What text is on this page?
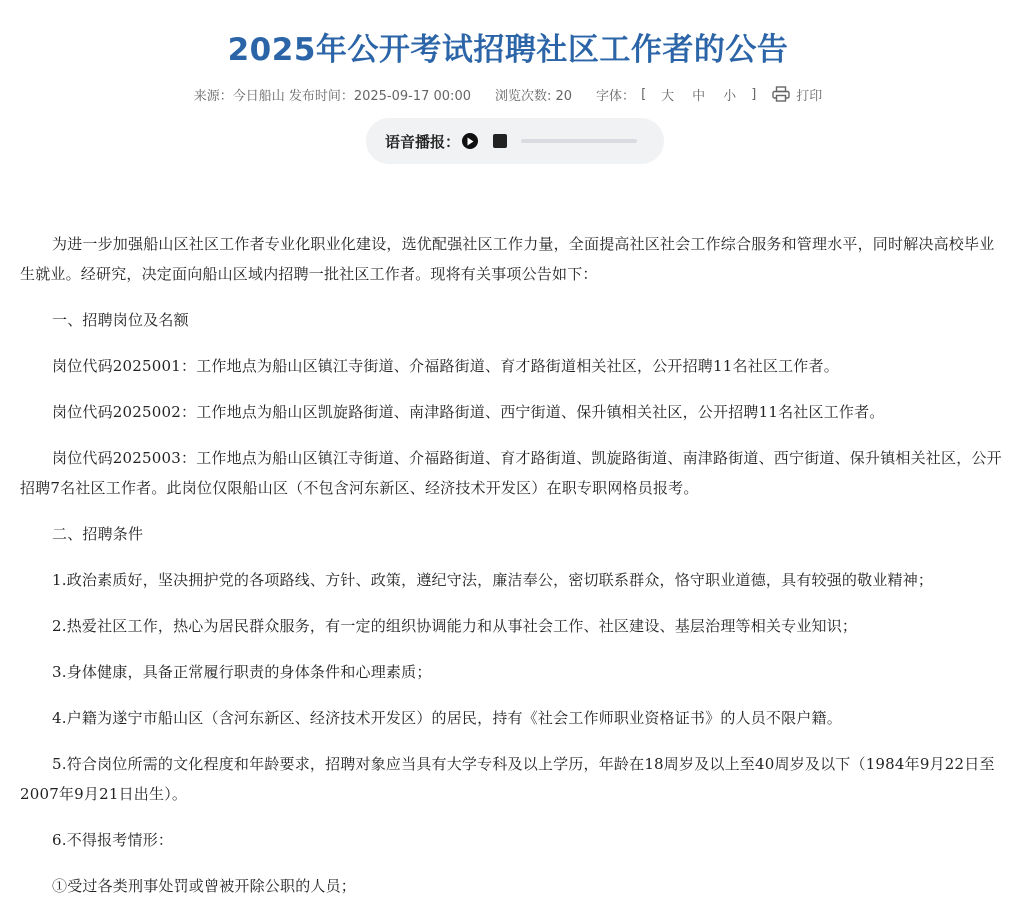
2025年公开考试招聘社区工作者的公告
来源：今日船山 发布时间：2025-09-17 00:00 浏览次数: 20 字体： [ 大 中 小 ]	打印
语音播报：

为进一步加强船山区社区工作者专业化职业化建设，选优配强社区工作力量，全面提高社区社会工作综合服务和管理水平，同时解决高校毕业生就业。经研究，决定面向船山区域内招聘一批社区工作者。现将有关事项公告如下：

一、招聘岗位及名额

岗位代码2025001：工作地点为船山区镇江寺街道、介福路街道、育才路街道相关社区，公开招聘11名社区工作者。

岗位代码2025002：工作地点为船山区凯旋路街道、南津路街道、西宁街道、保升镇相关社区，公开招聘11名社区工作者。

岗位代码2025003：工作地点为船山区镇江寺街道、介福路街道、育才路街道、凯旋路街道、南津路街道、西宁街道、保升镇相关社区，公开招聘7名社区工作者。此岗位仅限船山区（不包含河东新区、经济技术开发区）在职专职网格员报考。

二、招聘条件

1.政治素质好，坚决拥护党的各项路线、方针、政策，遵纪守法，廉洁奉公，密切联系群众，恪守职业道德，具有较强的敬业精神；

2.热爱社区工作，热心为居民群众服务，有一定的组织协调能力和从事社会工作、社区建设、基层治理等相关专业知识；

3.身体健康，具备正常履行职责的身体条件和心理素质；

4.户籍为遂宁市船山区（含河东新区、经济技术开发区）的居民，持有《社会工作师职业资格证书》的人员不限户籍。

5.符合岗位所需的文化程度和年龄要求，招聘对象应当具有大学专科及以上学历，年龄在18周岁及以上至40周岁及以下（1984年9月22日至2007年9月21日出生）。

6.不得报考情形：

①受过各类刑事处罚或曾被开除公职的人员；
